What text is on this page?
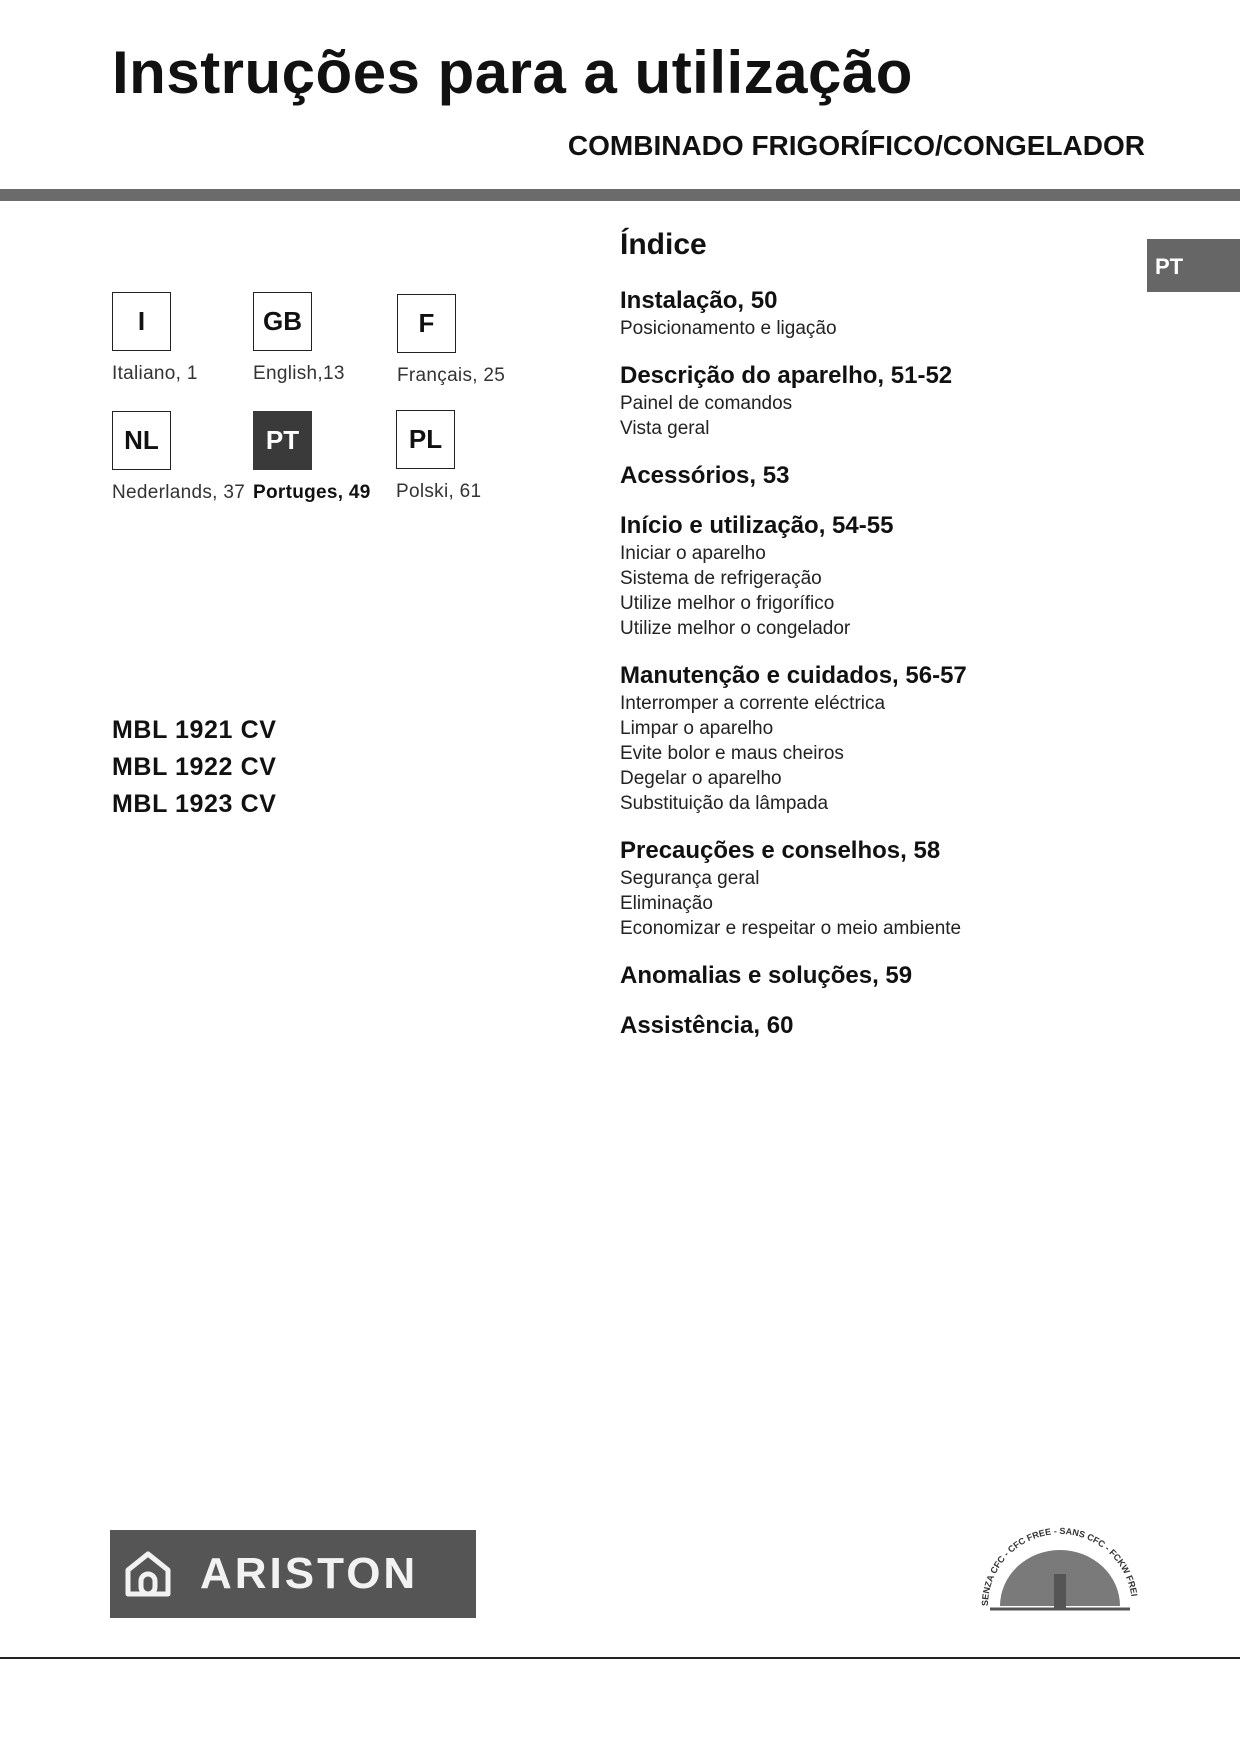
Instruções para a utilização
COMBINADO FRIGORÍFICO/CONGELADOR
PT
I
Italiano, 1
GB
English,13
F
Français, 25
NL
Nederlands, 37
PT
Portuges, 49
PL
Polski, 61
MBL 1921 CV
MBL 1922 CV
MBL 1923 CV
Índice
Instalação, 50
Posicionamento e ligação
Descrição do aparelho, 51-52
Painel de comandos
Vista geral
Acessórios, 53
Início e utilização, 54-55
Iniciar o aparelho
Sistema de refrigeração
Utilize melhor o frigorífico
Utilize melhor o congelador
Manutenção e cuidados, 56-57
Interromper a corrente eléctrica
Limpar o aparelho
Evite bolor e maus cheiros
Degelar o aparelho
Substituição da lâmpada
Precauções e conselhos, 58
Segurança geral
Eliminação
Economizar e respeitar o meio ambiente
Anomalias e soluções, 59
Assistência, 60
ARISTON
SENZA CFC - CFC FREE - SANS CFC - FCKW FREI
